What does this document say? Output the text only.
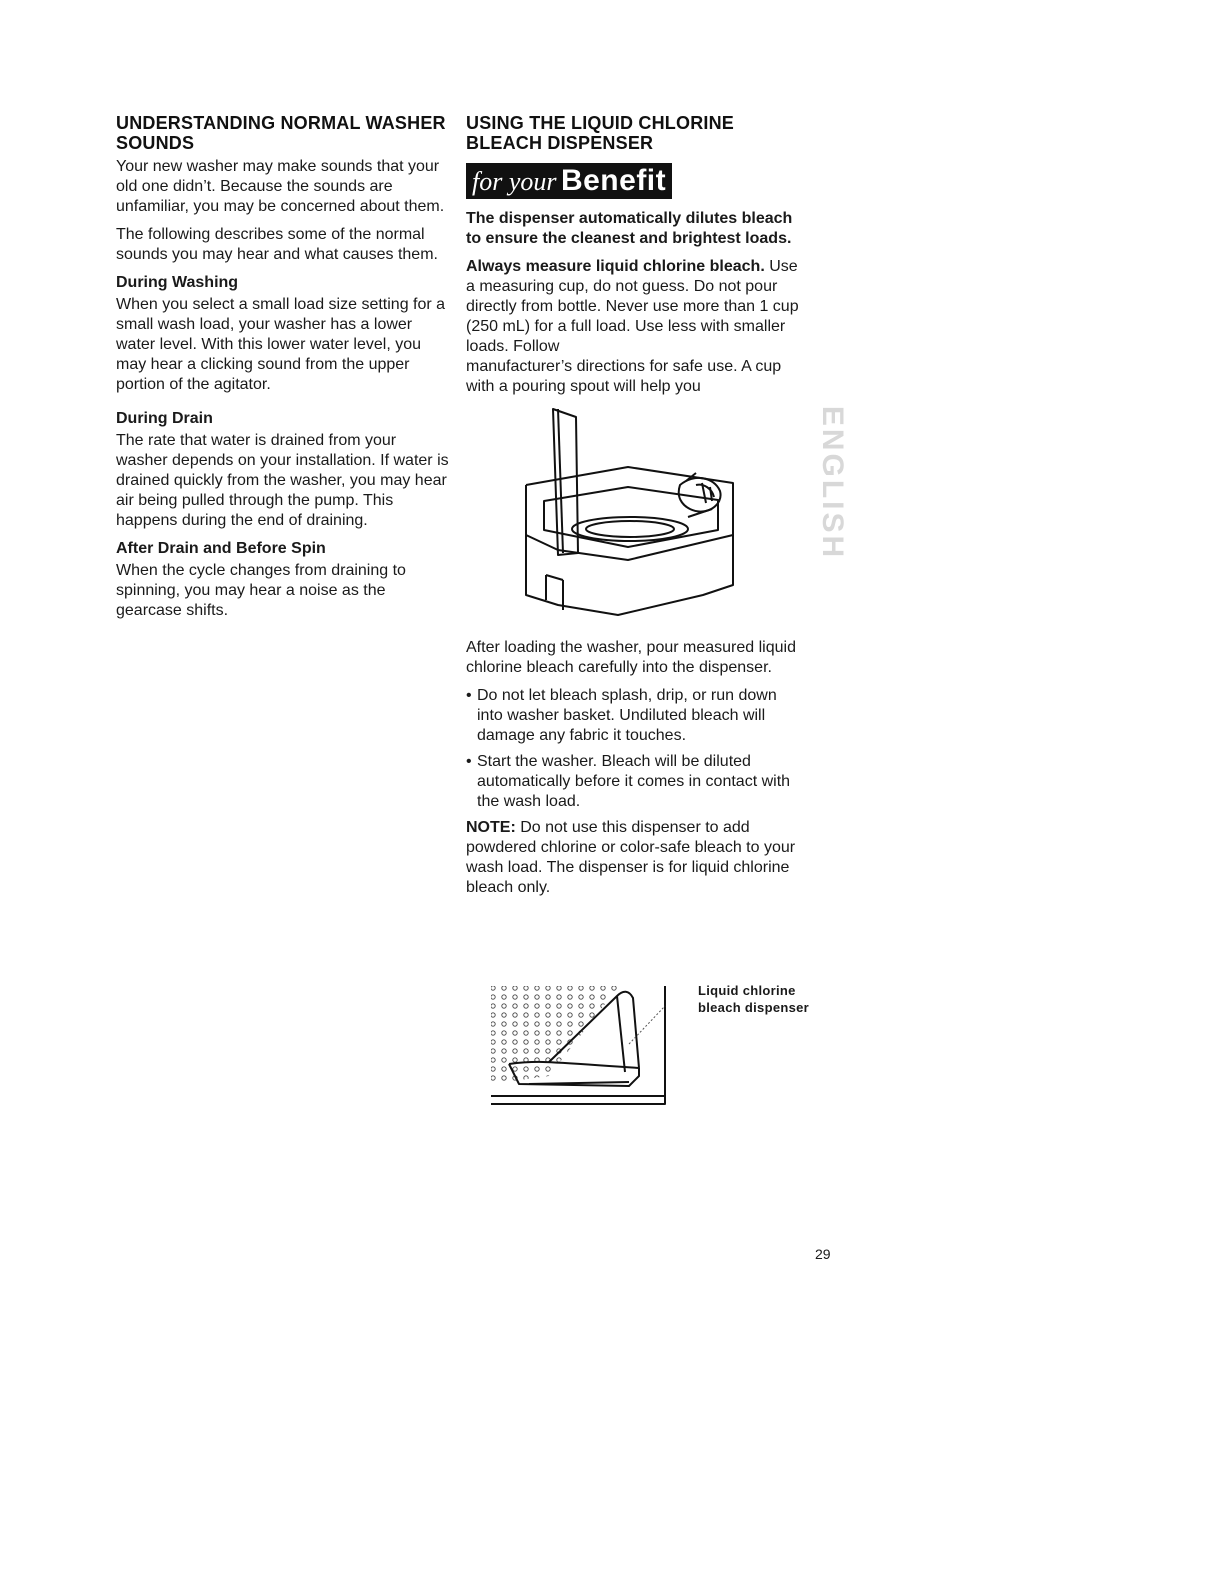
UNDERSTANDING NORMAL WASHER SOUNDS

Your new washer may make sounds that your old one didn’t. Because the sounds are unfamiliar, you may be concerned about them.

The following describes some of the normal sounds you may hear and what causes them.

During Washing

When you select a small load size setting for a small wash load, your washer has a lower water level. With this lower water level, you may hear a clicking sound from the upper portion of the agitator.

During Drain

The rate that water is drained from your washer depends on your installation. If water is drained quickly from the washer, you may hear air being pulled through the pump. This happens during the end of draining.

After Drain and Before Spin

When the cycle changes from draining to spinning, you may hear a noise as the gearcase shifts.

USING THE LIQUID CHLORINE BLEACH DISPENSER
for your Benefit

The dispenser automatically dilutes bleach to ensure the cleanest and brightest loads.

Always measure liquid chlorine bleach. Use a measuring cup, do not guess. Do not pour directly from bottle. Never use more than 1 cup (250 mL) for a full load. Use less with smaller loads. Follow

manufacturer’s directions for safe use. A cup with a pouring spout will help you

After loading the washer, pour measured liquid chlorine bleach carefully into the dispenser.

• Do not let bleach splash, drip, or run down into washer basket. Undiluted bleach will damage any fabric it touches.
• Start the washer. Bleach will be diluted automatically before it comes in contact with the wash load.

NOTE: Do not use this dispenser to add powdered chlorine or color-safe bleach to your wash load. The dispenser is for liquid chlorine bleach only.

Liquid chlorine
bleach dispenser
ENGLISH
29
